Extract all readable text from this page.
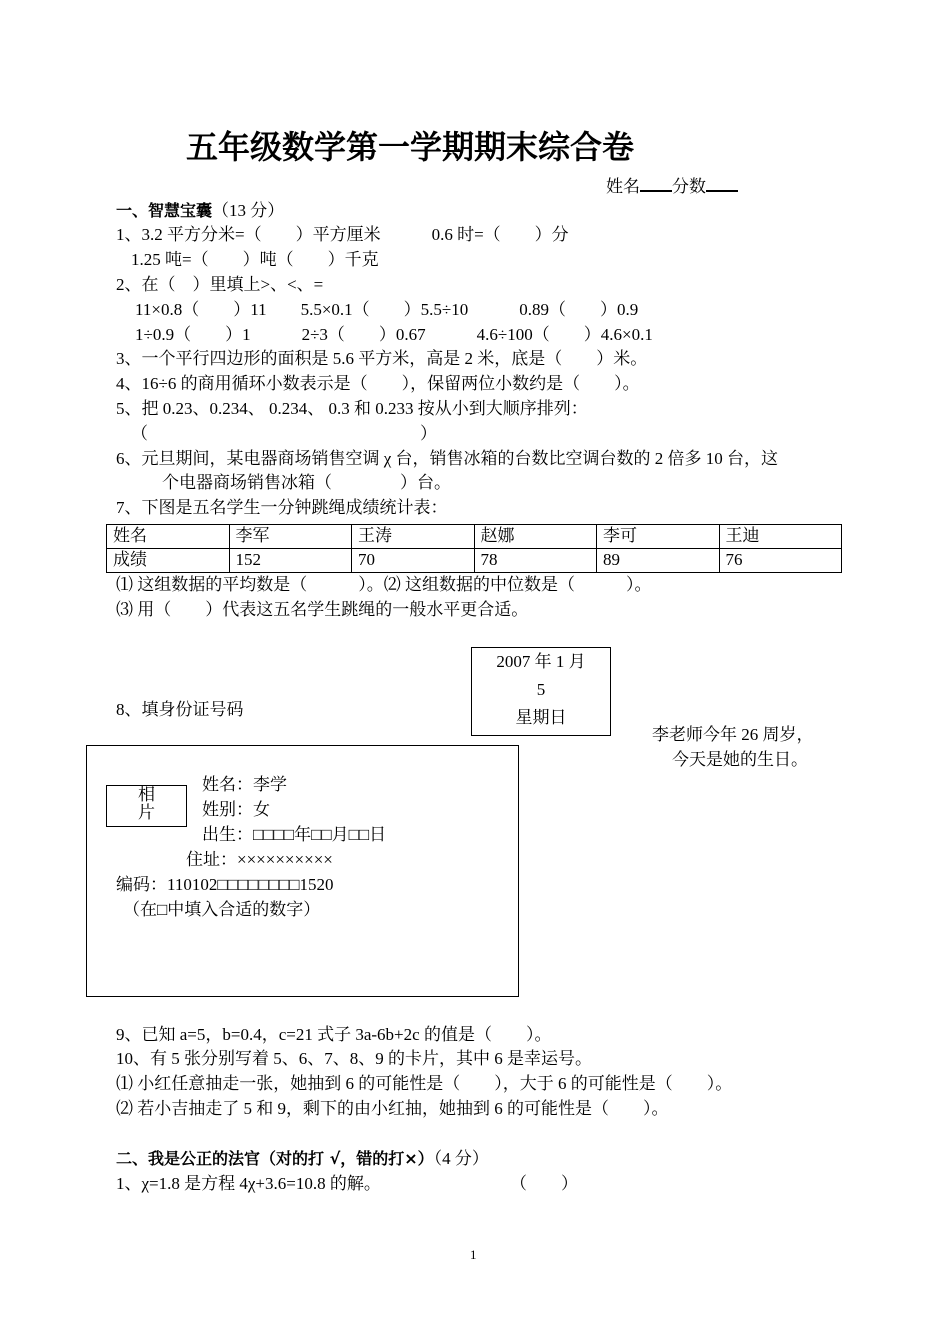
五年级数学第一学期期末综合卷
姓名 分数
一、智慧宝囊（13 分）
1、3.2 平方分米=（　　）平方厘米　　　0.6 时=（　　）分
1.25 吨=（　　）吨（　　）千克
2、在（　）里填上>、<、=
11×0.8（　　）11　　5.5×0.1（　　）5.5÷10　　　0.89（　　）0.9
1÷0.9（　　）1　　　2÷3（　　）0.67　　　4.6÷100（　　）4.6×0.1
3、一个平行四边形的面积是 5.6 平方米，高是 2 米，底是（　　）米。
4、16÷6 的商用循环小数表示是（　　），保留两位小数约是（　　）。
5、把 0.23、0.234、 0.234、 0.3 和 0.233 按从小到大顺序排列：
（　　　　　　　　　　　　　　　　）
6、元旦期间，某电器商场销售空调 χ 台，销售冰箱的台数比空调台数的 2 倍多 10 台，这
个电器商场销售冰箱（　　　　）台。
7、下图是五名学生一分钟跳绳成绩统计表：
姓名	李军	王涛	赵娜	李可	王迪
成绩	152	70	78	89	76
⑴ 这组数据的平均数是（　　　）。⑵ 这组数据的中位数是（　　　）。
⑶ 用（　　）代表这五名学生跳绳的一般水平更合适。
2007 年 1 月
5
星期日
8、填身份证号码
李老师今年 26 周岁，
今天是她的生日。
相
片
姓名：李学
姓别：女
出生：□□□□年□□月□□日
住址：××××××××××
编码：110102□□□□□□□□1520
（在□中填入合适的数字）
9、已知 a=5，b=0.4，c=21 式子 3a-6b+2c 的值是（　　）。
10、有 5 张分别写着 5、6、7、8、9 的卡片，其中 6 是幸运号。
⑴ 小红任意抽走一张，她抽到 6 的可能性是（　　），大于 6 的可能性是（　　）。
⑵ 若小吉抽走了 5 和 9，剩下的由小红抽，她抽到 6 的可能性是（　　）。
二、我是公正的法官（对的打 √，错的打×）（4 分）
1、χ=1.8 是方程 4χ+3.6=10.8 的解。	（　　）
1
